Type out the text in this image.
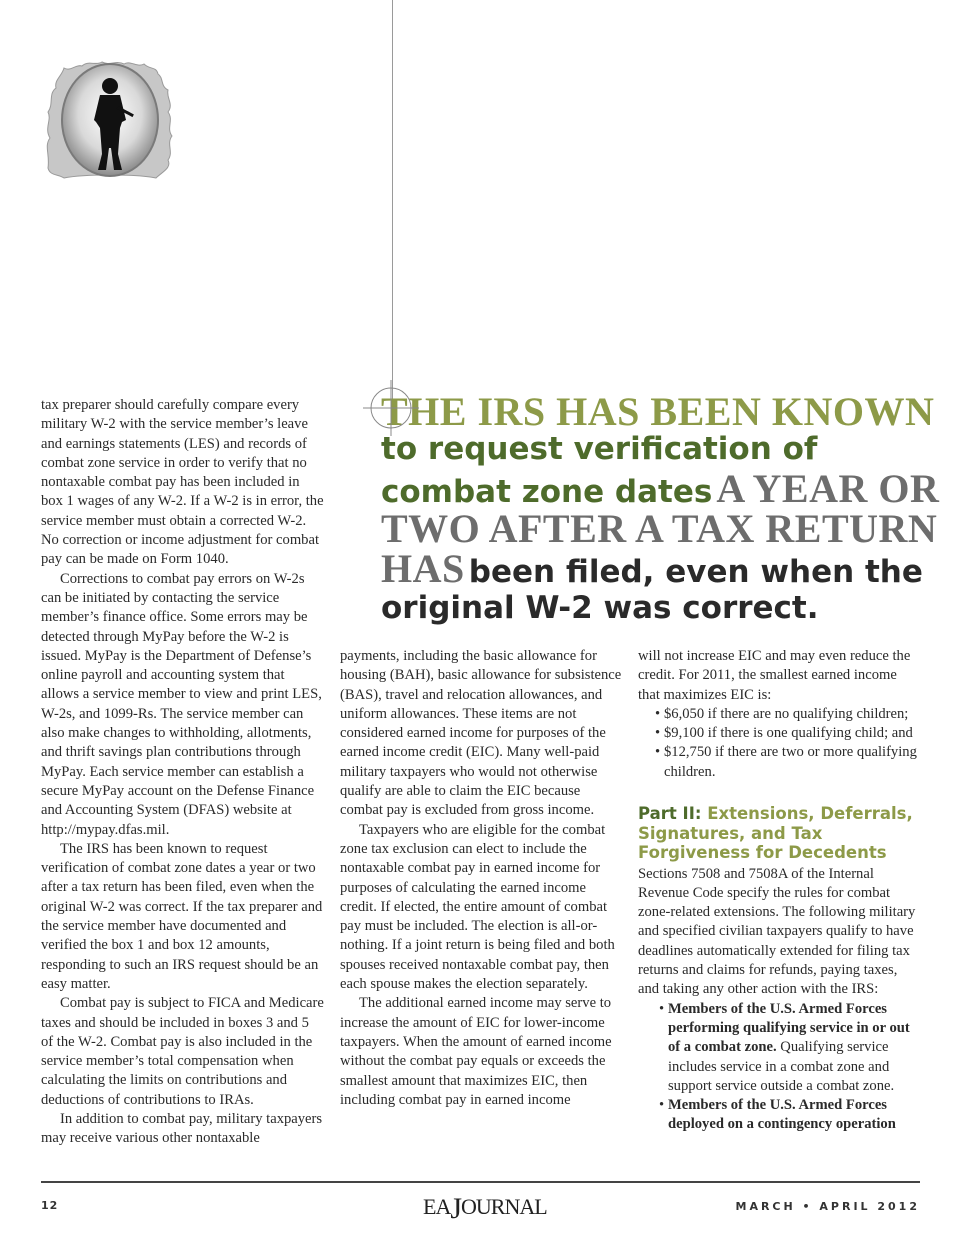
THE IRS HAS BEEN KNOWN
to request verification of
combat zone dates A YEAR OR
TWO AFTER A TAX RETURN
HAS been filed, even when the
original W-2 was correct.

tax preparer should carefully compare every military W-2 with the service member’s leave and earnings statements (LES) and records of combat zone service in order to verify that no nontaxable combat pay has been included in box 1 wages of any W-2. If a W-2 is in error, the service member must obtain a corrected W-2. No correction or income adjustment for combat pay can be made on Form 1040.

Corrections to combat pay errors on W-2s can be initiated by contacting the service member’s finance office. Some errors may be detected through MyPay before the W-2 is issued. MyPay is the Department of Defense’s online payroll and accounting system that allows a service member to view and print LES, W-2s, and 1099-Rs. The service member can also make changes to withholding, allotments, and thrift savings plan contributions through MyPay. Each service member can establish a secure MyPay account on the Defense Finance and Accounting System (DFAS) website at http://mypay.dfas.mil.

The IRS has been known to request verification of combat zone dates a year or two after a tax return has been filed, even when the original W-2 was correct. If the tax preparer and the service member have documented and verified the box 1 and box 12 amounts, responding to such an IRS request should be an easy matter.

Combat pay is subject to FICA and Medicare taxes and should be included in boxes 3 and 5 of the W-2. Combat pay is also included in the service member’s total compensation when calculating the limits on contributions and deductions of contributions to IRAs.

In addition to combat pay, military taxpayers may receive various other nontaxable

payments, including the basic allowance for housing (BAH), basic allowance for subsistence (BAS), travel and relocation allowances, and uniform allowances. These items are not considered earned income for purposes of the earned income credit (EIC). Many well-paid military taxpayers who would not otherwise qualify are able to claim the EIC because combat pay is excluded from gross income.

Taxpayers who are eligible for the combat zone tax exclusion can elect to include the nontaxable combat pay in earned income for purposes of calculating the earned income credit. If elected, the entire amount of combat pay must be included. The election is all-or-nothing. If a joint return is being filed and both spouses received nontaxable combat pay, then each spouse makes the election separately.

The additional earned income may serve to increase the amount of EIC for lower-income taxpayers. When the amount of earned income without the combat pay equals or exceeds the smallest amount that maximizes EIC, then including combat pay in earned income

will not increase EIC and may even reduce the credit. For 2011, the smallest earned income that maximizes EIC is:

• $6,050 if there are no qualifying children;
• $9,100 if there is one qualifying child; and
• $12,750 if there are two or more qualifying children.
Part II: Extensions, Deferrals, Signatures, and Tax Forgiveness for Decedents

Sections 7508 and 7508A of the Internal Revenue Code specify the rules for combat zone-related extensions. The following military and specified civilian taxpayers qualify to have deadlines automatically extended for filing tax returns and claims for refunds, paying taxes, and taking any other action with the IRS:

• Members of the U.S. Armed Forces performing qualifying service in or out of a combat zone. Qualifying service includes service in a combat zone and support service outside a combat zone.
• Members of the U.S. Armed Forces deployed on a contingency operation
12	EAJOURNAL	MARCH • APRIL 2012
